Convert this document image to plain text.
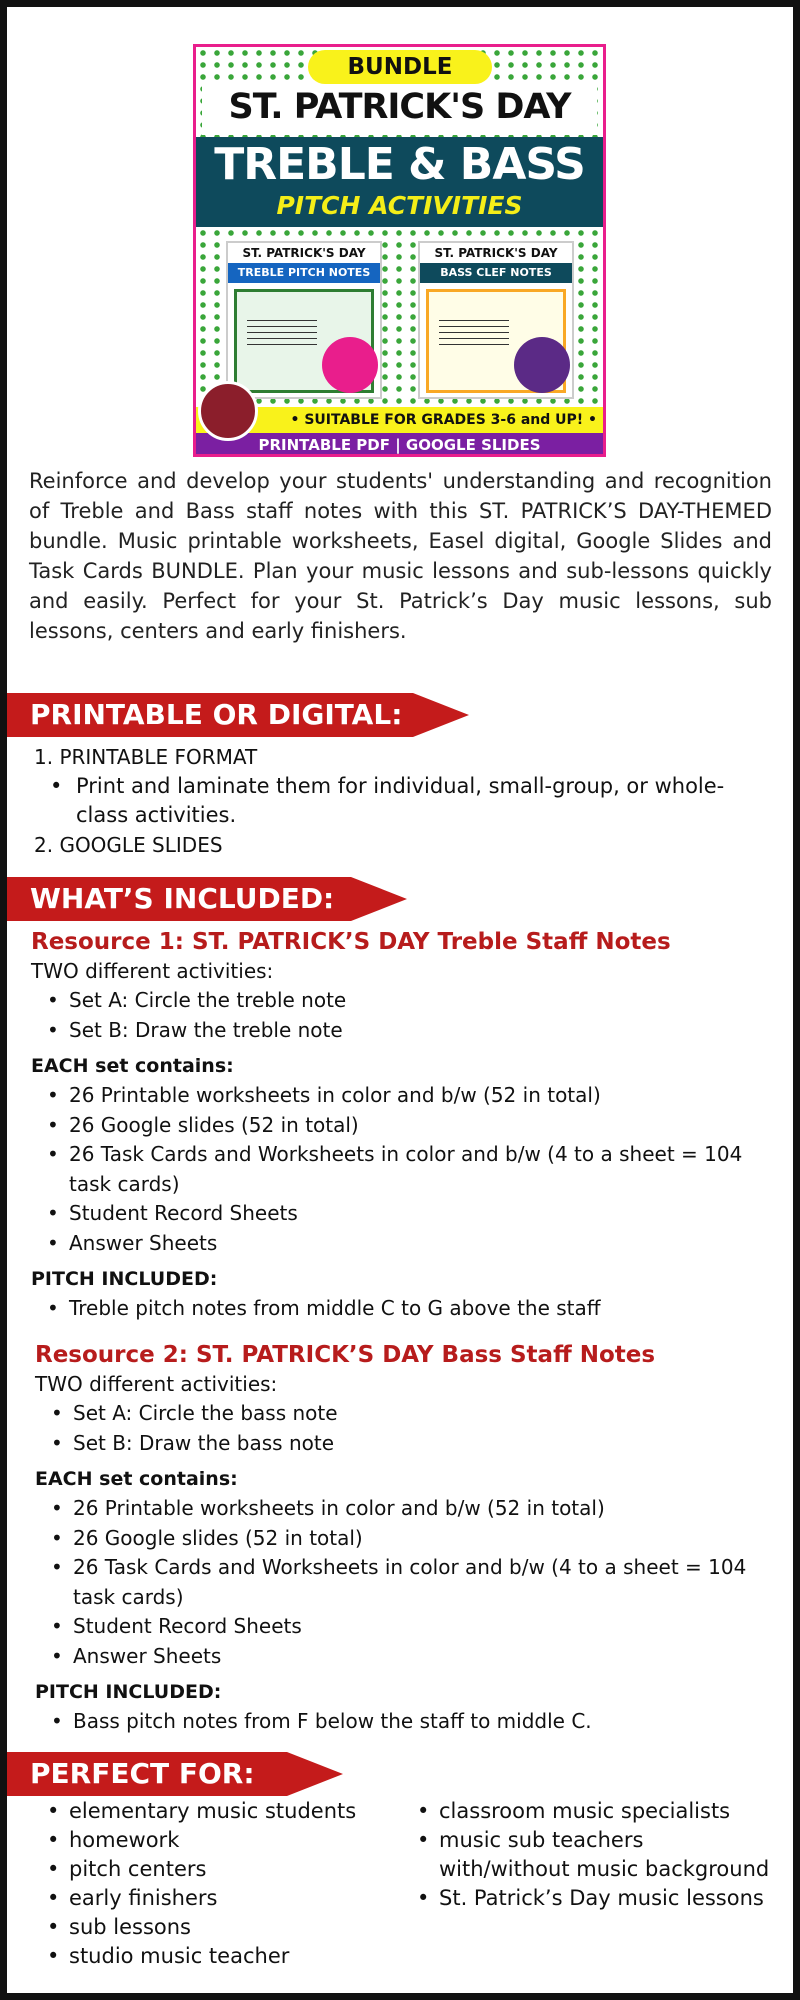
BUNDLE
ST. PATRICK'S DAY
TREBLE & BASS
PITCH ACTIVITIES
ST. PATRICK'S DAY
TREBLE PITCH NOTES
ST. PATRICK'S DAY
BASS CLEF NOTES
• SUITABLE FOR GRADES 3-6 and UP! •
PRINTABLE PDF | GOOGLE SLIDES

Reinforce and develop your students' understanding and recognition of Treble and Bass staff notes with this ST. PATRICK’S DAY-THEMED bundle. Music printable worksheets, Easel digital, Google Slides and Task Cards BUNDLE. Plan your music lessons and sub-lessons quickly and easily. Perfect for your St. Patrick’s Day music lessons, sub lessons, centers and early finishers.

PRINTABLE OR DIGITAL:
1. PRINTABLE FORMAT
• Print and laminate them for individual, small-group, or whole-class activities.
2. GOOGLE SLIDES
WHAT’S INCLUDED:
Resource 1: ST. PATRICK’S DAY Treble Staff Notes
TWO different activities:
• Set A: Circle the treble note
• Set B: Draw the treble note
EACH set contains:
• 26 Printable worksheets in color and b/w (52 in total)
• 26 Google slides (52 in total)
• 26 Task Cards and Worksheets in color and b/w (4 to a sheet = 104 task cards)
• Student Record Sheets
• Answer Sheets
PITCH INCLUDED:
• Treble pitch notes from middle C to G above the staff
Resource 2: ST. PATRICK’S DAY Bass Staff Notes
TWO different activities:
• Set A: Circle the bass note
• Set B: Draw the bass note
EACH set contains:
• 26 Printable worksheets in color and b/w (52 in total)
• 26 Google slides (52 in total)
• 26 Task Cards and Worksheets in color and b/w (4 to a sheet = 104 task cards)
• Student Record Sheets
• Answer Sheets
PITCH INCLUDED:
• Bass pitch notes from F below the staff to middle C.
PERFECT FOR:
• elementary music students
• homework
• pitch centers
• early finishers
• sub lessons
• studio music teacher
• classroom music specialists
• music sub teachers with/without music background
• St. Patrick’s Day music lessons
